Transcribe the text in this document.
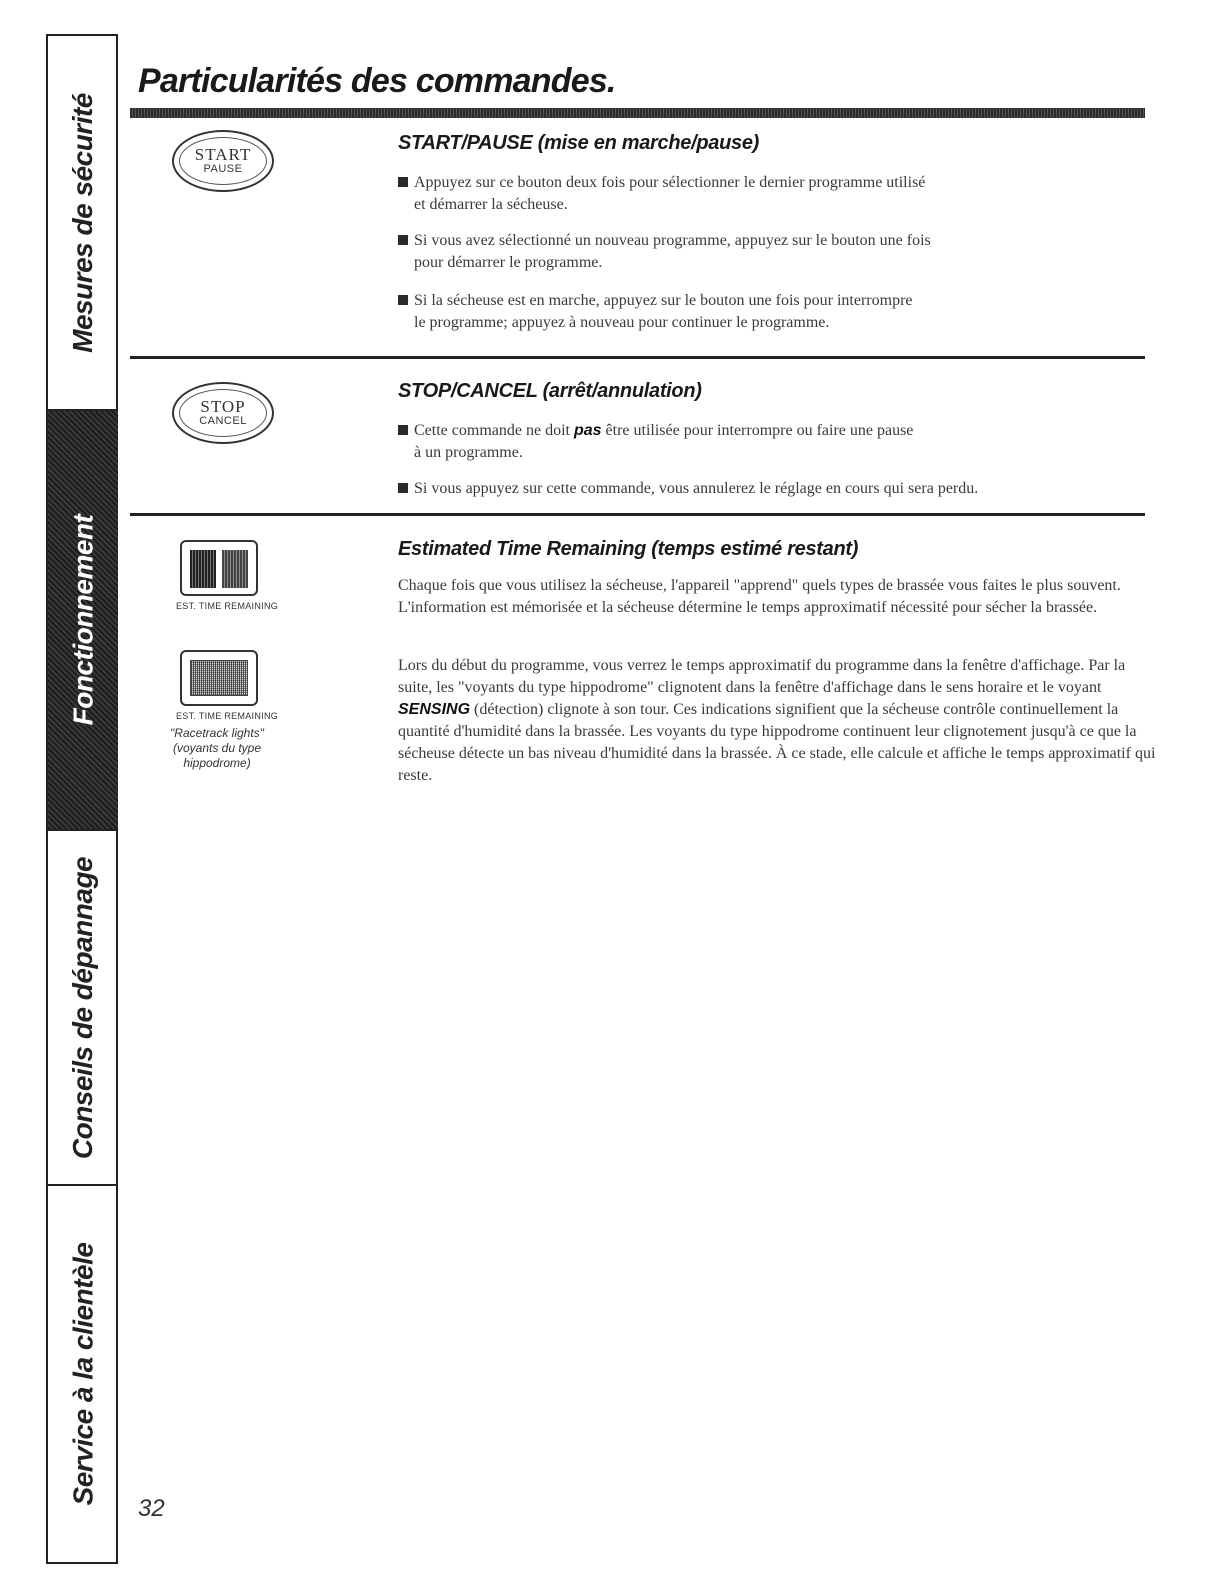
Mesures de sécurité
Fonctionnement
Conseils de dépannage
Service à la clientèle
Particularités des commandes.
START
PAUSE
START/PAUSE (mise en marche/pause)
Appuyez sur ce bouton deux fois pour sélectionner le dernier programme utilisé
et démarrer la sécheuse.
Si vous avez sélectionné un nouveau programme, appuyez sur le bouton une fois
pour démarrer le programme.
Si la sécheuse est en marche, appuyez sur le bouton une fois pour interrompre
le programme; appuyez à nouveau pour continuer le programme.
STOP
CANCEL
STOP/CANCEL (arrêt/annulation)
Cette commande ne doit pas être utilisée pour interrompre ou faire une pause
à un programme.
Si vous appuyez sur cette commande, vous annulerez le réglage en cours qui sera perdu.
EST. TIME REMAINING
EST. TIME REMAINING
"Racetrack lights" (voyants du type hippodrome)
Estimated Time Remaining (temps estimé restant)

Chaque fois que vous utilisez la sécheuse, l'appareil "apprend" quels types de brassée vous faites le plus souvent. L'information est mémorisée et la sécheuse détermine le temps approximatif nécessité pour sécher la brassée.

Lors du début du programme, vous verrez le temps approximatif du programme dans la fenêtre d'affichage. Par la suite, les "voyants du type hippodrome" clignotent dans la fenêtre d'affichage dans le sens horaire et le voyant SENSING (détection) clignote à son tour. Ces indications signifient que la sécheuse contrôle continuellement la quantité d'humidité dans la brassée. Les voyants du type hippodrome continuent leur clignotement jusqu'à ce que la sécheuse détecte un bas niveau d'humidité dans la brassée. À ce stade, elle calcule et affiche le temps approximatif qui reste.

32
